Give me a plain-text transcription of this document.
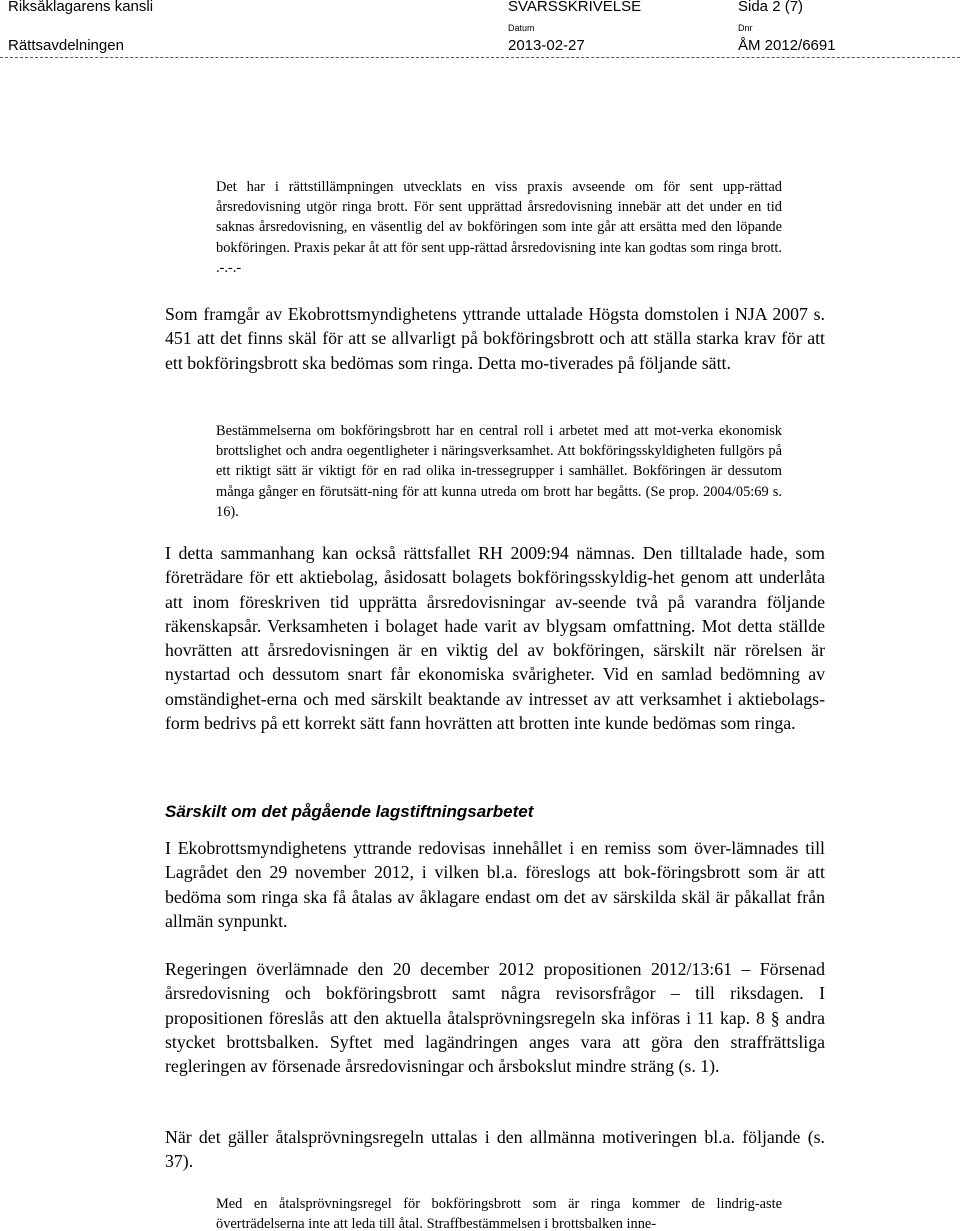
Riksåklagarens kansli
Rättsavdelningen
SVARSSKRIVELSE	Sida 2 (7)
Datum
2013-02-27
Dnr
ÅM 2012/6691

Det har i rättstillämpningen utvecklats en viss praxis avseende om för sent upp-rättad årsredovisning utgör ringa brott. För sent upprättad årsredovisning innebär att det under en tid saknas årsredovisning, en väsentlig del av bokföringen som inte går att ersätta med den löpande bokföringen. Praxis pekar åt att för sent upp-rättad årsredovisning inte kan godtas som ringa brott. .-.-.-

Som framgår av Ekobrottsmyndighetens yttrande uttalade Högsta domstolen i NJA 2007 s. 451 att det finns skäl för att se allvarligt på bokföringsbrott och att ställa starka krav för att ett bokföringsbrott ska bedömas som ringa. Detta mo-tiverades på följande sätt.

Bestämmelserna om bokföringsbrott har en central roll i arbetet med att mot-verka ekonomisk brottslighet och andra oegentligheter i näringsverksamhet. Att bokföringsskyldigheten fullgörs på ett riktigt sätt är viktigt för en rad olika in-tressegrupper i samhället. Bokföringen är dessutom många gånger en förutsätt-ning för att kunna utreda om brott har begåtts. (Se prop. 2004/05:69 s. 16).

I detta sammanhang kan också rättsfallet RH 2009:94 nämnas. Den tilltalade hade, som företrädare för ett aktiebolag, åsidosatt bolagets bokföringsskyldig-het genom att underlåta att inom föreskriven tid upprätta årsredovisningar av-seende två på varandra följande räkenskapsår. Verksamheten i bolaget hade varit av blygsam omfattning. Mot detta ställde hovrätten att årsredovisningen är en viktig del av bokföringen, särskilt när rörelsen är nystartad och dessutom snart får ekonomiska svårigheter. Vid en samlad bedömning av omständighet-erna och med särskilt beaktande av intresset av att verksamhet i aktiebolags-form bedrivs på ett korrekt sätt fann hovrätten att brotten inte kunde bedömas som ringa.

Särskilt om det pågående lagstiftningsarbetet

I Ekobrottsmyndighetens yttrande redovisas innehållet i en remiss som över-lämnades till Lagrådet den 29 november 2012, i vilken bl.a. föreslogs att bok-föringsbrott som är att bedöma som ringa ska få åtalas av åklagare endast om det av särskilda skäl är påkallat från allmän synpunkt.

Regeringen överlämnade den 20 december 2012 propositionen 2012/13:61 – Försenad årsredovisning och bokföringsbrott samt några revisorsfrågor – till riksdagen. I propositionen föreslås att den aktuella åtalsprövningsregeln ska införas i 11 kap. 8 § andra stycket brottsbalken. Syftet med lagändringen anges vara att göra den straffrättsliga regleringen av försenade årsredovisningar och årsbokslut mindre sträng (s. 1).

När det gäller åtalsprövningsregeln uttalas i den allmänna motiveringen bl.a. följande (s. 37).

Med en åtalsprövningsregel för bokföringsbrott som är ringa kommer de lindrig-aste överträdelserna inte att leda till åtal. Straffbestämmelsen i brottsbalken inne-
